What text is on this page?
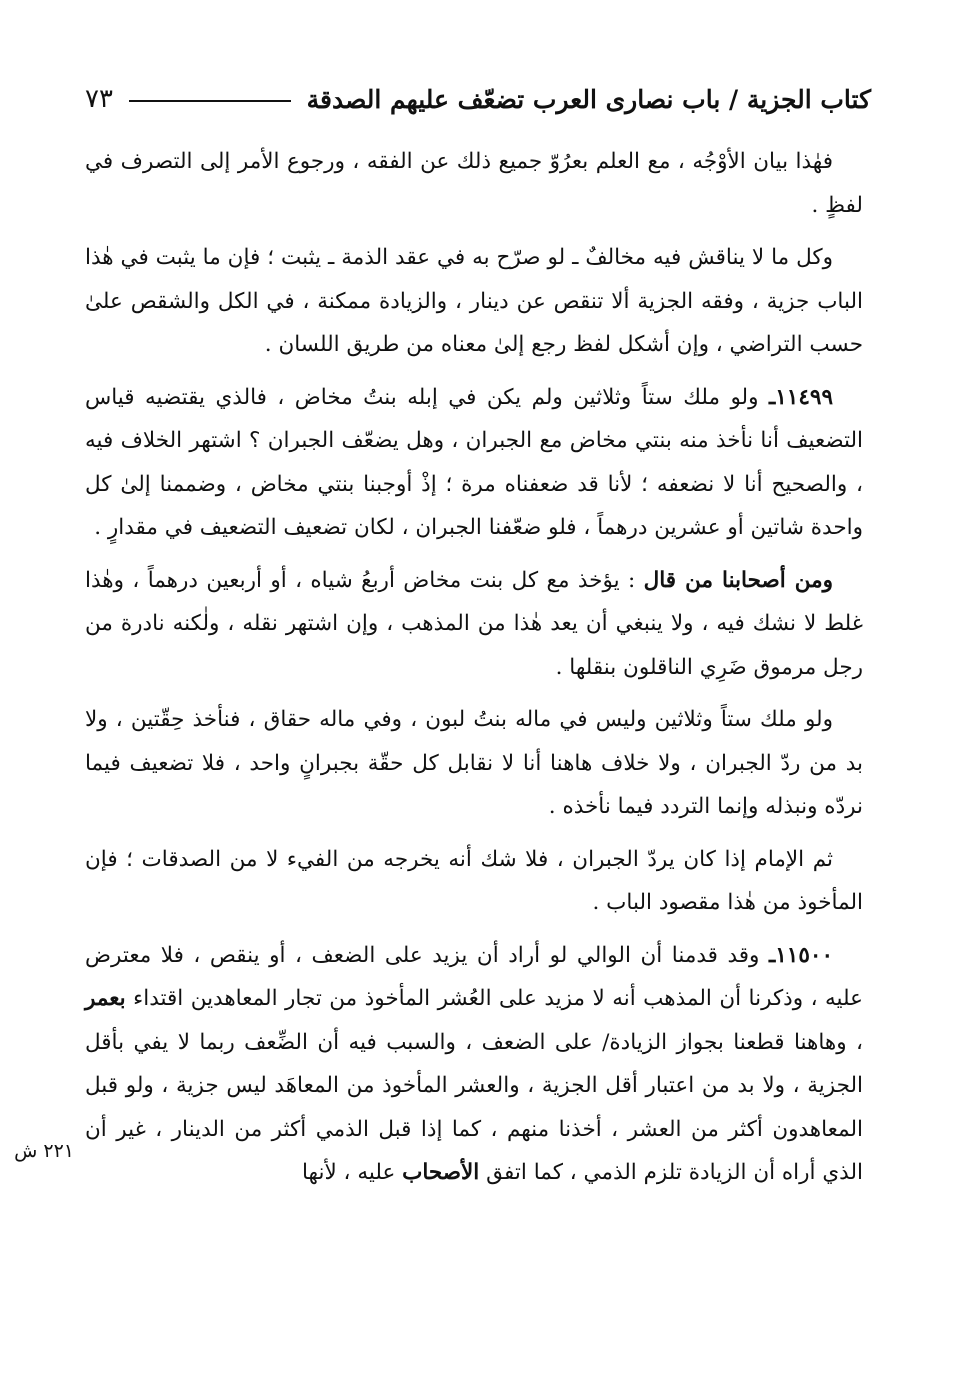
كتاب الجزية / باب نصارى العرب تضعّف عليهم الصدقة
٧٣
٢٢١ ش

فهٰذا بيان الأوْجُه ، مع العلم بعرُوّ جميع ذلك عن الفقه ، ورجوع الأمر إلى التصرف في لفظٍ .

وكل ما لا يناقش فيه مخالفٌ ـ لو صرّح به في عقد الذمة ـ يثبت ؛ فإن ما يثبت في هٰذا الباب جزية ، وفقه الجزية ألا تنقص عن دينار ، والزيادة ممكنة ، في الكل والشقص علىٰ حسب التراضي ، وإن أشكل لفظ رجع إلىٰ معناه من طريق اللسان .

١١٤٩٩ـ ولو ملك ستاً وثلاثين ولم يكن في إبله بنتُ مخاض ، فالذي يقتضيه قياس التضعيف أنا نأخذ منه بنتي مخاض مع الجبران ، وهل يضعّف الجبران ؟ اشتهر الخلاف فيه ، والصحيح أنا لا نضعفه ؛ لأنا قد ضعفناه مرة ؛ إذْ أوجبنا بنتي مخاض ، وضممنا إلىٰ كل واحدة شاتين أو عشرين درهماً ، فلو ضعّفنا الجبران ، لكان تضعيف التضعيف في مقدارٍ .

ومن أصحابنا من قال : يؤخذ مع كل بنت مخاض أربعُ شياه ، أو أربعين درهماً ، وهٰذا غلط لا نشك فيه ، ولا ينبغي أن يعد هٰذا من المذهب ، وإن اشتهر نقله ، ولٰكنه نادرة من رجل مرموق ضَرِي الناقلون بنقلها .

ولو ملك ستاً وثلاثين وليس في ماله بنتُ لبون ، وفي ماله حقاق ، فنأخذ حِقّتين ، ولا بد من ردّ الجبران ، ولا خلاف هاهنا أنا لا نقابل كل حقّة بجبرانٍ واحد ، فلا تضعيف فيما نردّه ونبذله وإنما التردد فيما نأخذه .

ثم الإمام إذا كان يردّ الجبران ، فلا شك أنه يخرجه من الفيء لا من الصدقات ؛ فإن المأخوذ من هٰذا مقصود الباب .

١١٥٠٠ـ وقد قدمنا أن الوالي لو أراد أن يزيد على الضعف ، أو ينقص ، فلا معترض عليه ، وذكرنا أن المذهب أنه لا مزيد على العُشر المأخوذ من تجار المعاهدين اقتداء بعمر ، وهاهنا قطعنا بجواز الزيادة/ على الضعف ، والسبب فيه أن الضِّعف ربما لا يفي بأقل الجزية ، ولا بد من اعتبار أقل الجزية ، والعشر المأخوذ من المعاهَد ليس جزية ، ولو قبل المعاهدون أكثر من العشر ، أخذنا منهم ، كما إذا قبل الذمي أكثر من الدينار ، غير أن الذي أراه أن الزيادة تلزم الذمي ، كما اتفق الأصحاب عليه ، لأنها
